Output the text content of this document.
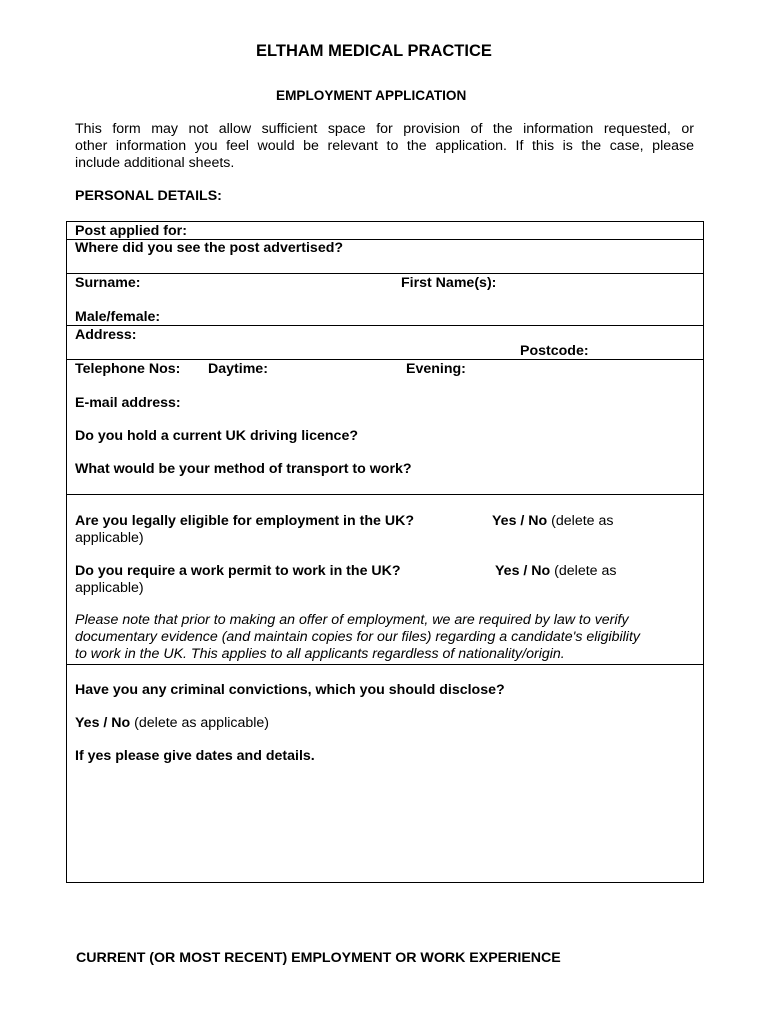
ELTHAM MEDICAL PRACTICE
EMPLOYMENT APPLICATION
This form may not allow sufficient space for provision of the information requested, or
other information you feel would be relevant to the application. If this is the case, please
include additional sheets.
PERSONAL DETAILS:
Post applied for:
Where did you see the post advertised?
Surname:	First Name(s):
Male/female:
Address:
Postcode:
Telephone Nos: Daytime:	Evening:
E-mail address:
Do you hold a current UK driving licence?
What would be your method of transport to work?
Are you legally eligible for employment in the UK?	Yes / No (delete as
applicable)
Do you require a work permit to work in the UK?	Yes / No (delete as
applicable)
Please note that prior to making an offer of employment, we are required by law to verify
documentary evidence (and maintain copies for our files) regarding a candidate's eligibility
to work in the UK. This applies to all applicants regardless of nationality/origin.
Have you any criminal convictions, which you should disclose?
Yes / No (delete as applicable)
If yes please give dates and details.
CURRENT (OR MOST RECENT) EMPLOYMENT OR WORK EXPERIENCE
